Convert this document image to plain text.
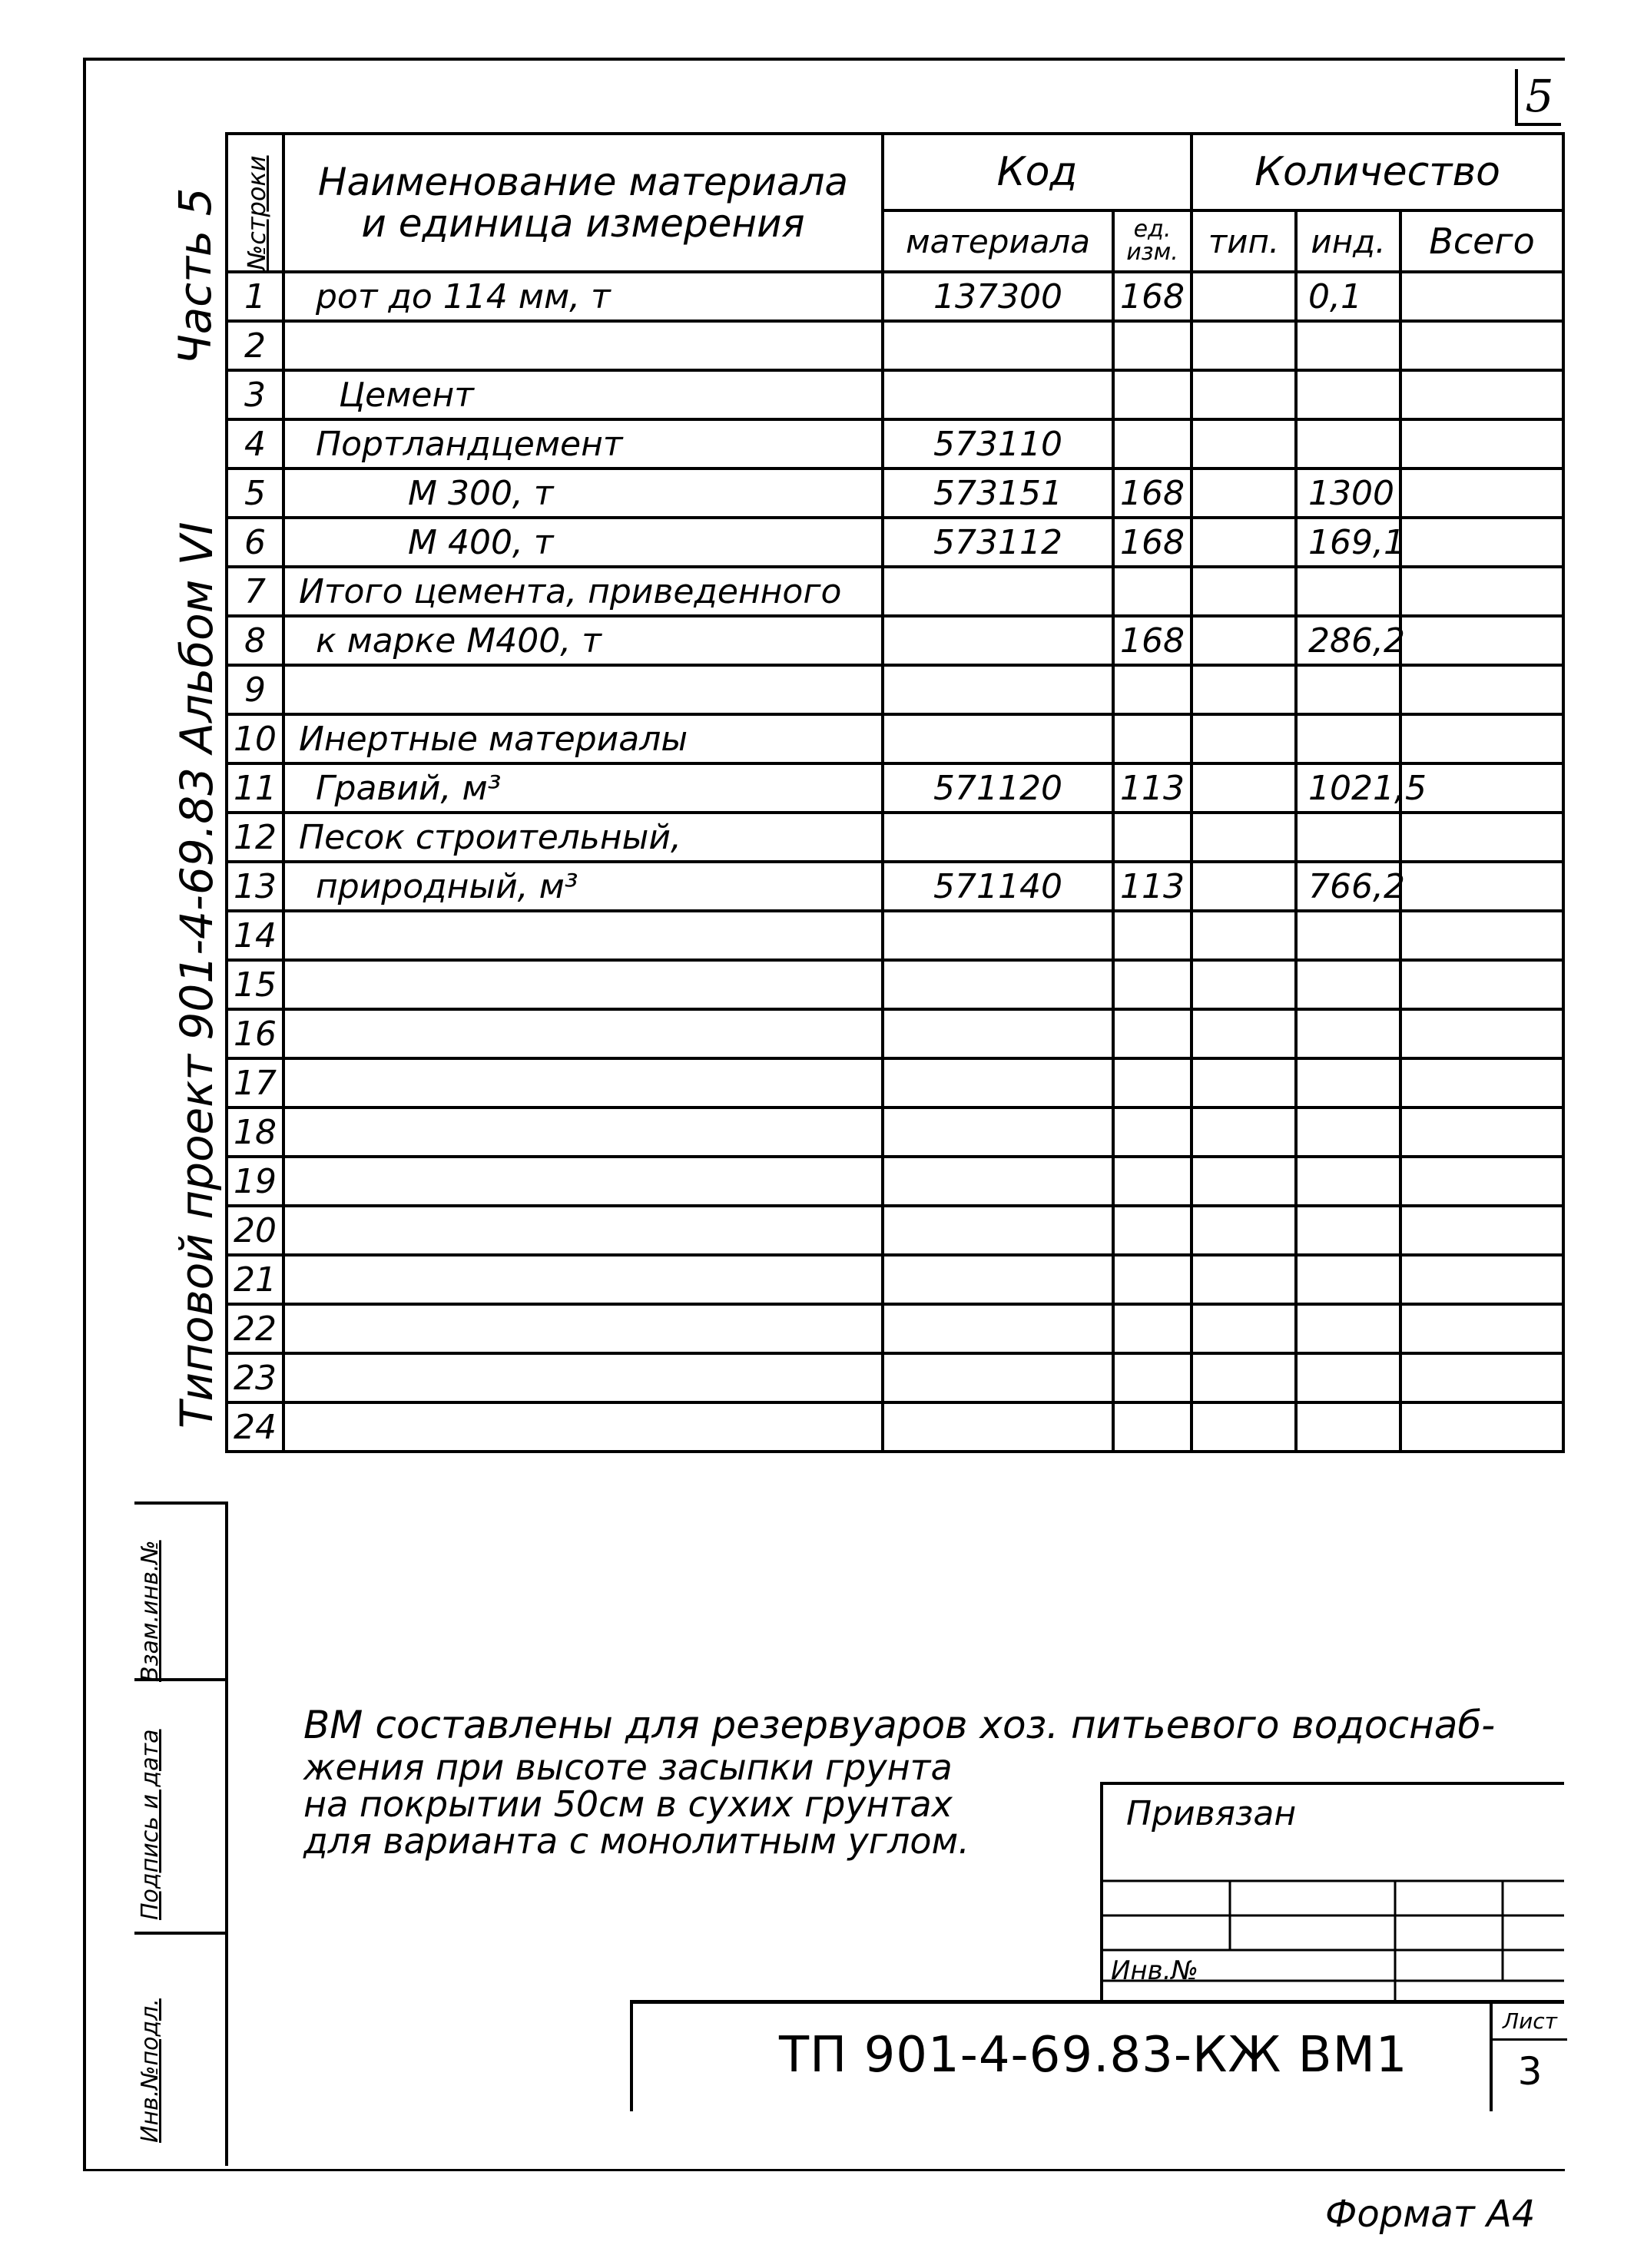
5
Часть 5
Типовой проект 901-4-69.83 Альбом VI
Взам.инв.№
Подпись и дата
Инв.№подл.
№строки	Наименование материала и единица измерения	Код		Количество		
		материала	ед. изм.	тип.	инд.	Всего
1	рот до 114 мм, т	137300	168		0,1	
2						
3	Цемент					
4	Портландцемент	573110				
5	М 300, т	573151	168		1300	
6	М 400, т	573112	168		169,1	
7	Итого цемента, приведенного					
8	к марке М400, т		168		286,2	
9						
10	Инертные материалы					
11	Гравий, м³	571120	113		1021,5	
12	Песок строительный,					
13	природный, м³	571140	113		766,2	
14						
15						
16						
17						
18						
19						
20						
21						
22						
23						
24						
ВМ составлены для резервуаров хоз. питьевого водоснаб-
жения при высоте засыпки грунта
на покрытии 50см в сухих грунтах
для варианта с монолитным углом.
Привязан
Инв.№
ТП 901-4-69.83-КЖ ВМ1
Лист
3
Формат А4
